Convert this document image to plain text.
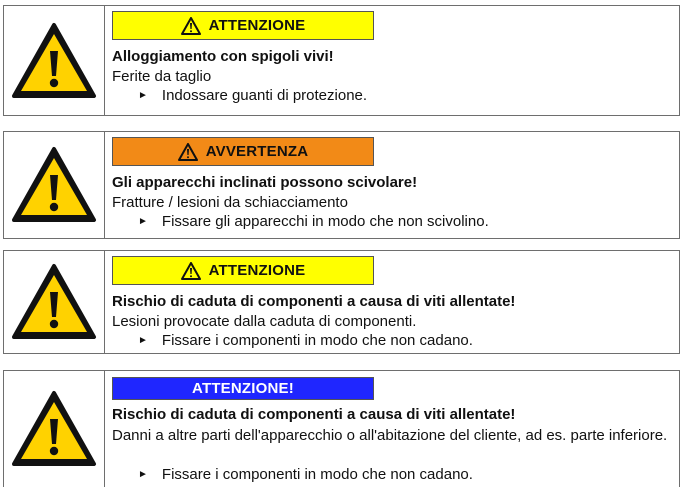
ATTENZIONE
Alloggiamento con spigoli vivi!
Ferite da taglio
► Indossare guanti di protezione.
AVVERTENZA
Gli apparecchi inclinati possono scivolare!
Fratture / lesioni da schiacciamento
► Fissare gli apparecchi in modo che non scivolino.
ATTENZIONE
Rischio di caduta di componenti a causa di viti allentate!
Lesioni provocate dalla caduta di componenti.
► Fissare i componenti in modo che non cadano.
ATTENZIONE!
Rischio di caduta di componenti a causa di viti allentate!
Danni a altre parti dell'apparecchio o all'abitazione del cliente, ad es. parte inferiore.
► Fissare i componenti in modo che non cadano.
